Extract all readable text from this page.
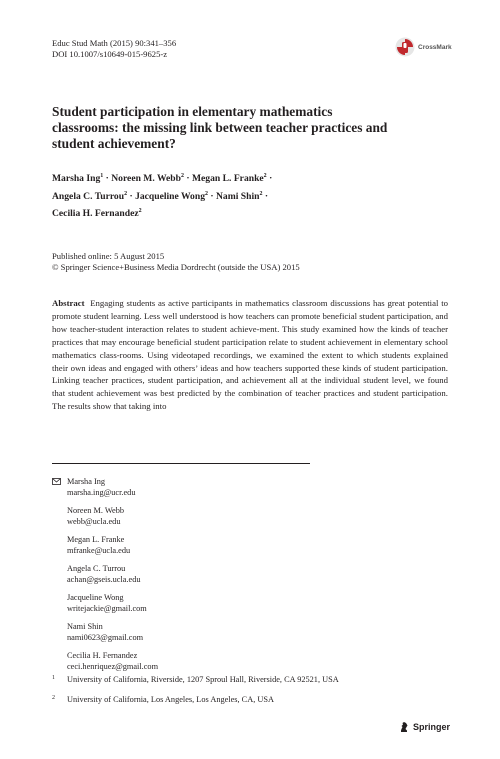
Educ Stud Math (2015) 90:341–356
DOI 10.1007/s10649-015-9625-z
CrossMark
Student participation in elementary mathematics classrooms: the missing link between teacher practices and student achievement?
Marsha Ing$^1$ · Noreen M. Webb$^2$ · Megan L. Franke$^2$ ·
Angela C. Turrou$^2$ · Jacqueline Wong$^2$ · Nami Shin$^2$ ·
Cecilia H. Fernandez$^2$
Published online: 5 August 2015
© Springer Science+Business Media Dordrecht (outside the USA) 2015
Abstract Engaging students as active participants in mathematics classroom discussions has great potential to promote student learning. Less well understood is how teachers can promote beneficial student participation, and how teacher-student interaction relates to student achieve-ment. This study examined how the kinds of teacher practices that may encourage beneficial student participation relate to student achievement in elementary school mathematics class-rooms. Using videotaped recordings, we examined the extent to which students explained their own ideas and engaged with others’ ideas and how teachers supported these kinds of student participation. Linking teacher practices, student participation, and achievement all at the individual student level, we found that student achievement was best predicted by the combination of teacher practices and student participation. The results show that taking into
Marsha Ing
marsha.ing@ucr.edu
Noreen M. Webb
webb@ucla.edu
Megan L. Franke
mfranke@ucla.edu
Angela C. Turrou
achan@gseis.ucla.edu
Jacqueline Wong
writejackie@gmail.com
Nami Shin
nami0623@gmail.com
Cecilia H. Fernandez
ceci.henriquez@gmail.com
1	University of California, Riverside, 1207 Sproul Hall, Riverside, CA 92521, USA
2	University of California, Los Angeles, Los Angeles, CA, USA
Springer
